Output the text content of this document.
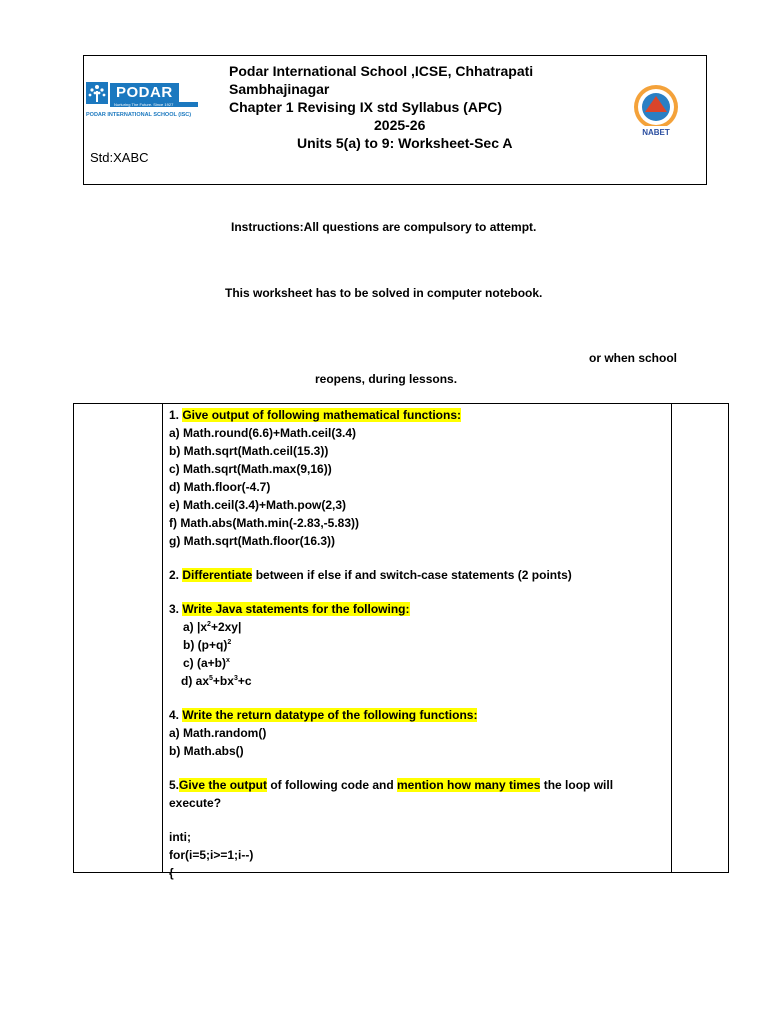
PODAR
Nurturing The Future. Since 1927
PODAR INTERNATIONAL SCHOOL (ISC)
Std:XABC
Podar International School ,ICSE, Chhatrapati
Sambhajinagar
Chapter 1 Revising IX std Syllabus (APC)
2025-26
Units 5(a) to 9: Worksheet-Sec A
NABET
Instructions:All questions are compulsory to attempt.
This worksheet has to be solved in computer notebook.
or when school
reopens, during lessons.
1. Give output of following mathematical functions:
a) Math.round(6.6)+Math.ceil(3.4)
b) Math.sqrt(Math.ceil(15.3))
c) Math.sqrt(Math.max(9,16))
d) Math.floor(-4.7)
e) Math.ceil(3.4)+Math.pow(2,3)
f) Math.abs(Math.min(-2.83,-5.83))
g) Math.sqrt(Math.floor(16.3))
2. Differentiate between if else if and switch-case statements (2 points)
3. Write Java statements for the following:
a) $|x^2+2xy|$
b) $(p+q)^2$
c) $(a+b)^x$
d) $ax^5+bx^3+c$
4. Write the return datatype of the following functions:
a) Math.random()
b) Math.abs()
5.Give the output of following code and mention how many times the loop will
execute?
inti;
for(i=5;i>=1;i--)
{
